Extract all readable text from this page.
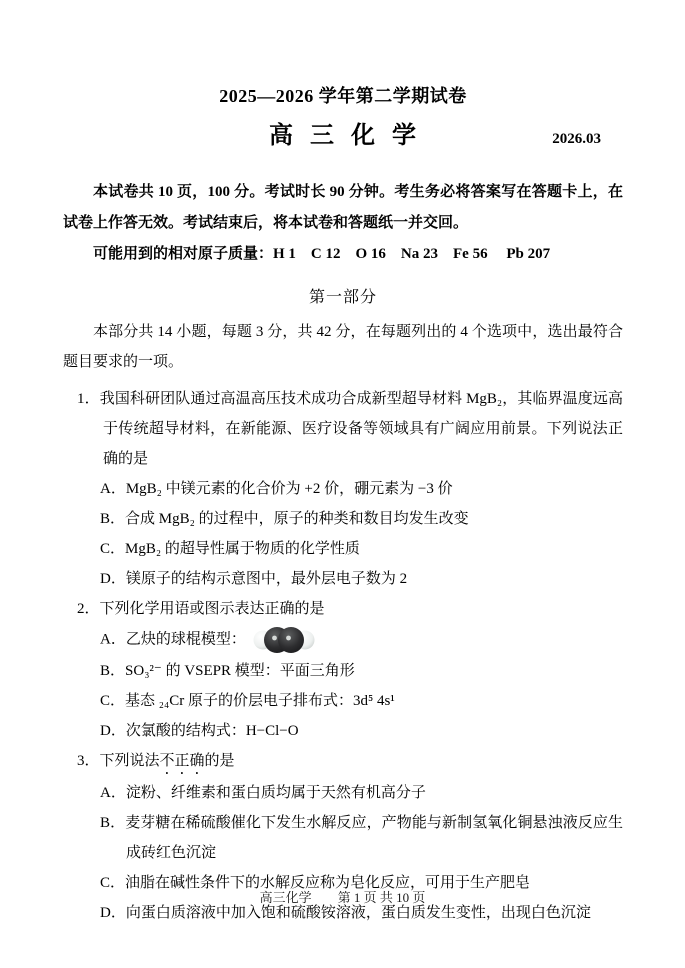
2025—2026 学年第二学期试卷
高 三 化 学	2026.03
本试卷共 10 页，100 分。考试时长 90 分钟。考生务必将答案写在答题卡上，在试卷上作答无效。考试结束后，将本试卷和答题纸一并交回。
可能用到的相对原子质量：H 1　C 12　O 16　Na 23　Fe 56　 Pb 207
第一部分
本部分共 14 小题，每题 3 分，共 42 分，在每题列出的 4 个选项中，选出最符合题目要求的一项。
1．我国科研团队通过高温高压技术成功合成新型超导材料 MgB₂，其临界温度远高于传统超导材料，在新能源、医疗设备等领域具有广阔应用前景。下列说法正确的是
A．MgB₂ 中镁元素的化合价为 +2 价，硼元素为 −3 价
B．合成 MgB₂ 的过程中，原子的种类和数目均发生改变
C．MgB₂ 的超导性属于物质的化学性质
D．镁原子的结构示意图中，最外层电子数为 2
2．下列化学用语或图示表达正确的是
A．乙炔的球棍模型：
B．SO₃²⁻ 的 VSEPR 模型：平面三角形
C．基态 ₂₄Cr 原子的价层电子排布式：3d⁵ 4s¹
D．次氯酸的结构式：H−Cl−O
3．下列说法不正确的是
A．淀粉、纤维素和蛋白质均属于天然有机高分子
B．麦芽糖在稀硫酸催化下发生水解反应，产物能与新制氢氧化铜悬浊液反应生成砖红色沉淀
C．油脂在碱性条件下的水解反应称为皂化反应，可用于生产肥皂
D．向蛋白质溶液中加入饱和硫酸铵溶液，蛋白质发生变性，出现白色沉淀
高三化学　　第 1 页 共 10 页
